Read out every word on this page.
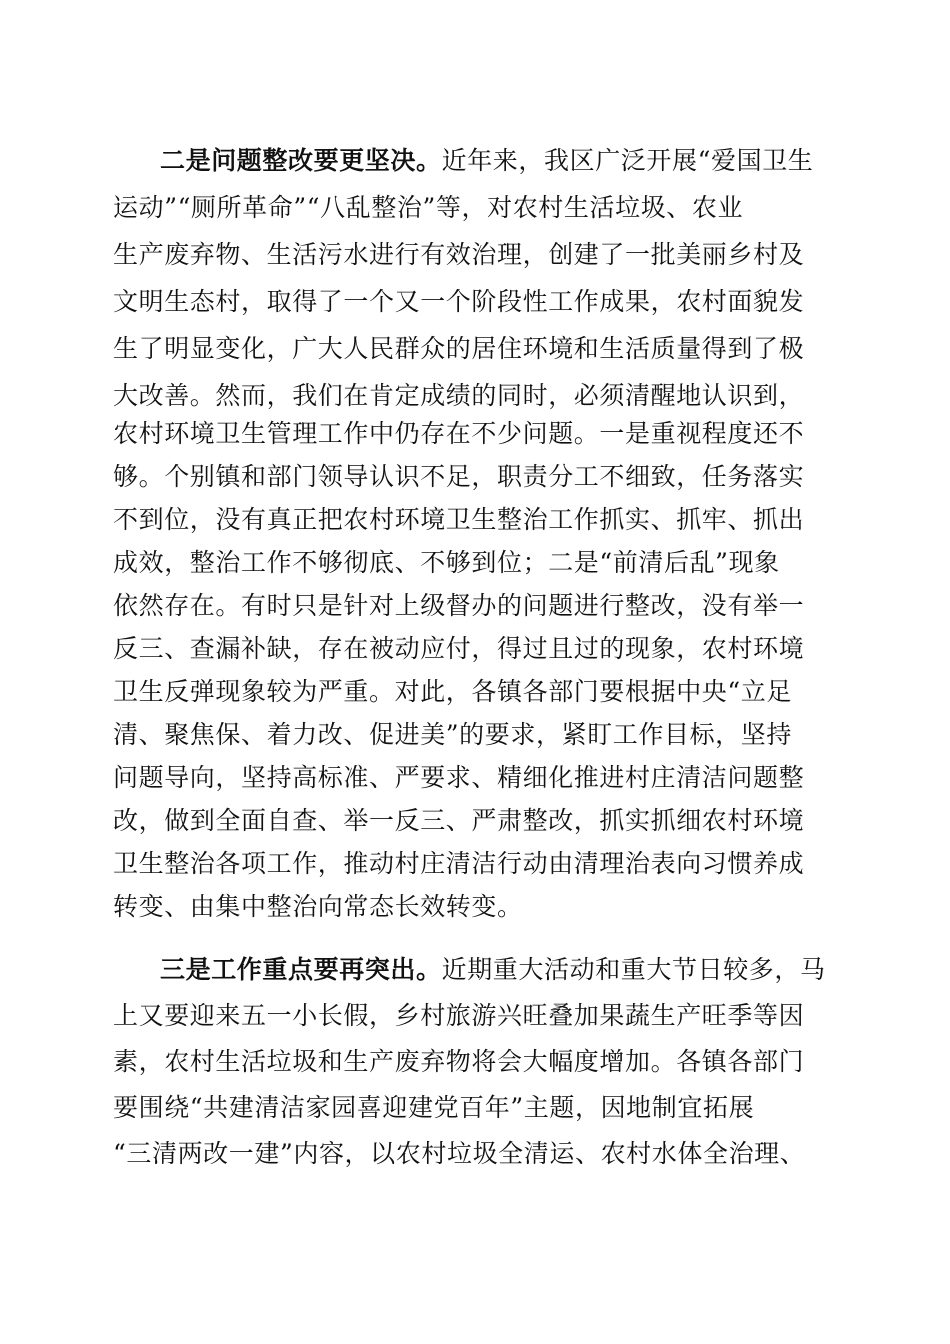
二是问题整改要更坚决。近年来，我区广泛开展“爱国卫生
运动”“厕所革命”“八乱整治”等，对农村生活垃圾、农业
生产废弃物、生活污水进行有效治理，创建了一批美丽乡村及
文明生态村，取得了一个又一个阶段性工作成果，农村面貌发
生了明显变化，广大人民群众的居住环境和生活质量得到了极
大改善。然而，我们在肯定成绩的同时，必须清醒地认识到，
农村环境卫生管理工作中仍存在不少问题。一是重视程度还不
够。个别镇和部门领导认识不足，职责分工不细致，任务落实
不到位，没有真正把农村环境卫生整治工作抓实、抓牢、抓出
成效，整治工作不够彻底、不够到位；二是“前清后乱”现象
依然存在。有时只是针对上级督办的问题进行整改，没有举一
反三、查漏补缺，存在被动应付，得过且过的现象，农村环境
卫生反弹现象较为严重。对此，各镇各部门要根据中央“立足
清、聚焦保、着力改、促进美”的要求，紧盯工作目标，坚持
问题导向，坚持高标准、严要求、精细化推进村庄清洁问题整
改，做到全面自查、举一反三、严肃整改，抓实抓细农村环境
卫生整治各项工作，推动村庄清洁行动由清理治表向习惯养成
转变、由集中整治向常态长效转变。
三是工作重点要再突出。近期重大活动和重大节日较多，马
上又要迎来五一小长假，乡村旅游兴旺叠加果蔬生产旺季等因
素，农村生活垃圾和生产废弃物将会大幅度增加。各镇各部门
要围绕“共建清洁家园喜迎建党百年”主题，因地制宜拓展
“三清两改一建”内容，以农村垃圾全清运、农村水体全治理、
